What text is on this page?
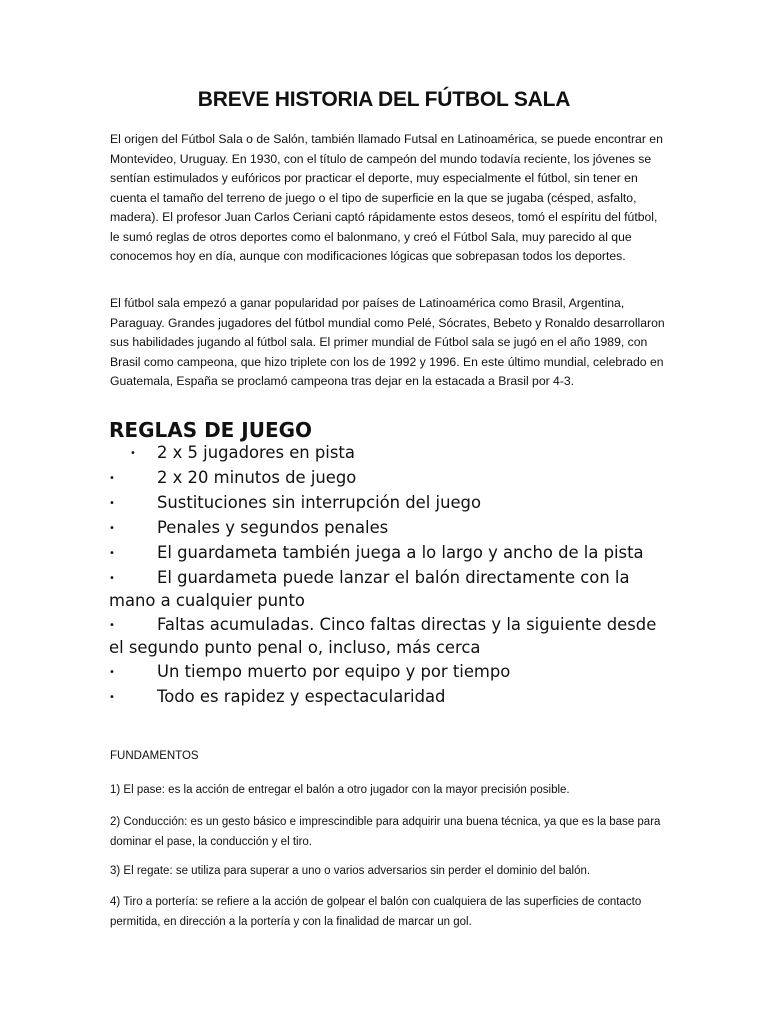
BREVE HISTORIA DEL FÚTBOL SALA

El origen del Fútbol Sala o de Salón, también llamado Futsal en Latinoamérica, se puede encontrar en Montevideo, Uruguay. En 1930, con el título de campeón del mundo todavía reciente, los jóvenes se sentían estimulados y eufóricos por practicar el deporte, muy especialmente el fútbol, sin tener en cuenta el tamaño del terreno de juego o el tipo de superficie en la que se jugaba (césped, asfalto, madera). El profesor Juan Carlos Ceriani captó rápidamente estos deseos, tomó el espíritu del fútbol, le sumó reglas de otros deportes como el balonmano, y creó el Fútbol Sala, muy parecido al que conocemos hoy en día, aunque con modificaciones lógicas que sobrepasan todos los deportes.

El fútbol sala empezó a ganar popularidad por países de Latinoamérica como Brasil, Argentina, Paraguay. Grandes jugadores del fútbol mundial como Pelé, Sócrates, Bebeto y Ronaldo desarrollaron sus habilidades jugando al fútbol sala. El primer mundial de Fútbol sala se jugó en el año 1989, con Brasil como campeona, que hizo triplete con los de 1992 y 1996. En este último mundial, celebrado en Guatemala, España se proclamó campeona tras dejar en la estacada a Brasil por 4-3.

REGLAS DE JUEGO
• 2 x 5 jugadores en pista
•	2 x 20 minutos de juego
•	Sustituciones sin interrupción del juego
•	Penales y segundos penales
•	El guardameta también juega a lo largo y ancho de la pista
•	El guardameta puede lanzar el balón directamente con la mano a cualquier punto
•	Faltas acumuladas. Cinco faltas directas y la siguiente desde el segundo punto penal o, incluso, más cerca
•	Un tiempo muerto por equipo y por tiempo
•	Todo es rapidez y espectacularidad

FUNDAMENTOS

1) El pase: es la acción de entregar el balón a otro jugador con la mayor precisión posible.

2) Conducción: es un gesto básico e imprescindible para adquirir una buena técnica, ya que es la base para dominar el pase, la conducción y el tiro.

3) El regate: se utiliza para superar a uno o varios adversarios sin perder el dominio del balón.

4) Tiro a portería: se refiere a la acción de golpear el balón con cualquiera de las superficies de contacto permitida, en dirección a la portería y con la finalidad de marcar un gol.
